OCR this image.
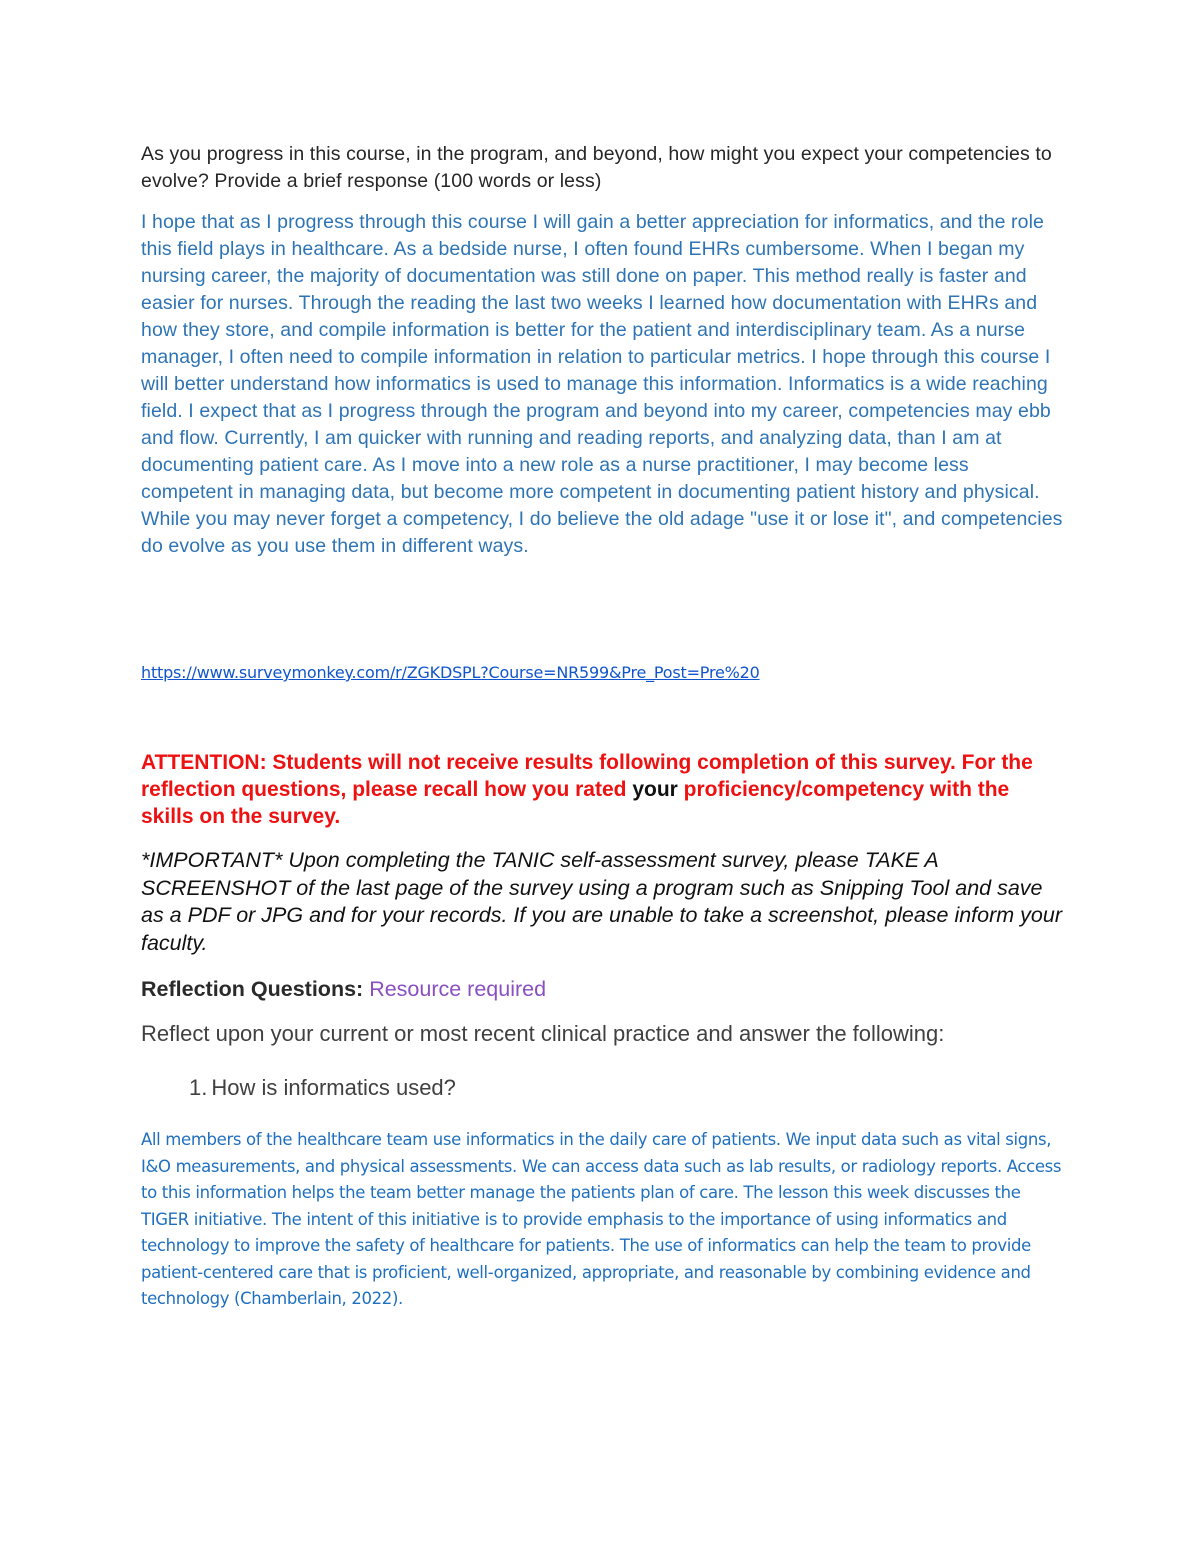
As you progress in this course, in the program, and beyond, how might you expect your competencies to evolve? Provide a brief response (100 words or less)

I hope that as I progress through this course I will gain a better appreciation for informatics, and the role this field plays in healthcare. As a bedside nurse, I often found EHRs cumbersome. When I began my nursing career, the majority of documentation was still done on paper. This method really is faster and easier for nurses. Through the reading the last two weeks I learned how documentation with EHRs and how they store, and compile information is better for the patient and interdisciplinary team. As a nurse manager, I often need to compile information in relation to particular metrics. I hope through this course I will better understand how informatics is used to manage this information. Informatics is a wide reaching field. I expect that as I progress through the program and beyond into my career, competencies may ebb and flow. Currently, I am quicker with running and reading reports, and analyzing data, than I am at documenting patient care. As I move into a new role as a nurse practitioner, I may become less competent in managing data, but become more competent in documenting patient history and physical. While you may never forget a competency, I do believe the old adage "use it or lose it", and competencies do evolve as you use them in different ways.

https://www.surveymonkey.com/r/ZGKDSPL?Course=NR599&Pre_Post=Pre%20

ATTENTION: Students will not receive results following completion of this survey. For the reflection questions, please recall how you rated your proficiency/competency with the skills on the survey.

*IMPORTANT* Upon completing the TANIC self-assessment survey, please TAKE A SCREENSHOT of the last page of the survey using a program such as Snipping Tool and save as a PDF or JPG and for your records. If you are unable to take a screenshot, please inform your faculty.

Reflection Questions: Resource required

Reflect upon your current or most recent clinical practice and answer the following:

1. How is informatics used?

All members of the healthcare team use informatics in the daily care of patients. We input data such as vital signs, I&O measurements, and physical assessments. We can access data such as lab results, or radiology reports. Access to this information helps the team better manage the patients plan of care. The lesson this week discusses the TIGER initiative. The intent of this initiative is to provide emphasis to the importance of using informatics and technology to improve the safety of healthcare for patients. The use of informatics can help the team to provide patient-centered care that is proficient, well-organized, appropriate, and reasonable by combining evidence and technology (Chamberlain, 2022).
